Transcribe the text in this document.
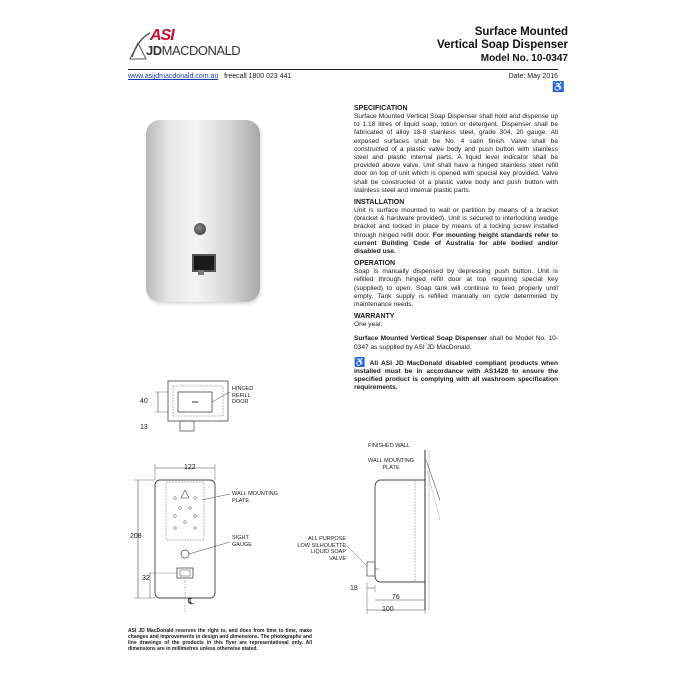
ASI
JDMACDONALD
Surface Mounted
Vertical Soap Dispenser
Model No. 10-0347
www.asijdmacdonald.com.au freecall 1800 023 441	Date: May 2016
♿
SPECIFICATION

Surface Mounted Vertical Soap Dispenser shall hold and dispense up to 1.18 litres of liquid soap, lotion or detergent. Dispenser shall be fabricated of alloy 18-8 stainless steel, grade 304, 20 gauge. All exposed surfaces shall be No. 4 satin finish. Valve shall be constructed of a plastic valve body and push button with stainless steel and plastic internal parts. A liquid level indicator shall be provided above valve. Unit shall have a hinged stainless steel refill door on top of unit which is opened with special key provided. Valve shall be constructed of a plastic valve body and push button with stainless steel and internal plastic parts.

INSTALLATION

Unit is surface mounted to wall or partition by means of a bracket (bracket & hardware provided). Unit is secured to interlocking wedge bracket and locked in place by means of a locking screw installed through hinged refill door. For mounting height standards refer to current Building Code of Australia for able bodied and/or disabled use.

OPERATION

Soap is manually dispensed by depressing push button. Unit is refilled through hinged refill door at top requiring special key (supplied) to open. Soap tank will continue to feed properly until empty. Tank supply is refilled manually on cycle determined by maintenance needs.

WARRANTY

One year.

Surface Mounted Vertical Soap Dispenser shall be Model No. 10-0347 as supplied by ASI JD MacDonald.

♿ All ASI JD MacDonald disabled compliant products when installed must be in accordance with AS1428 to ensure the specified product is complying with all washroom specification requirements.

40
13
HINGED
REFILL
DOOR
122
208
32
℄
WALL MOUNTING
PLATE
SIGHT
GAUGE
FINISHED WALL
WALL MOUNTING
PLATE
ALL PURPOSE
LOW SILHOUETTE
LIQUID SOAP
VALVE
18
76
100
ASI JD MacDonald reserves the right to, and does from time to time, make changes and improvements in design and dimensions. The photographs and line drawings of the products in this flyer are representational only. All dimensions are in millimetres unless otherwise stated.
